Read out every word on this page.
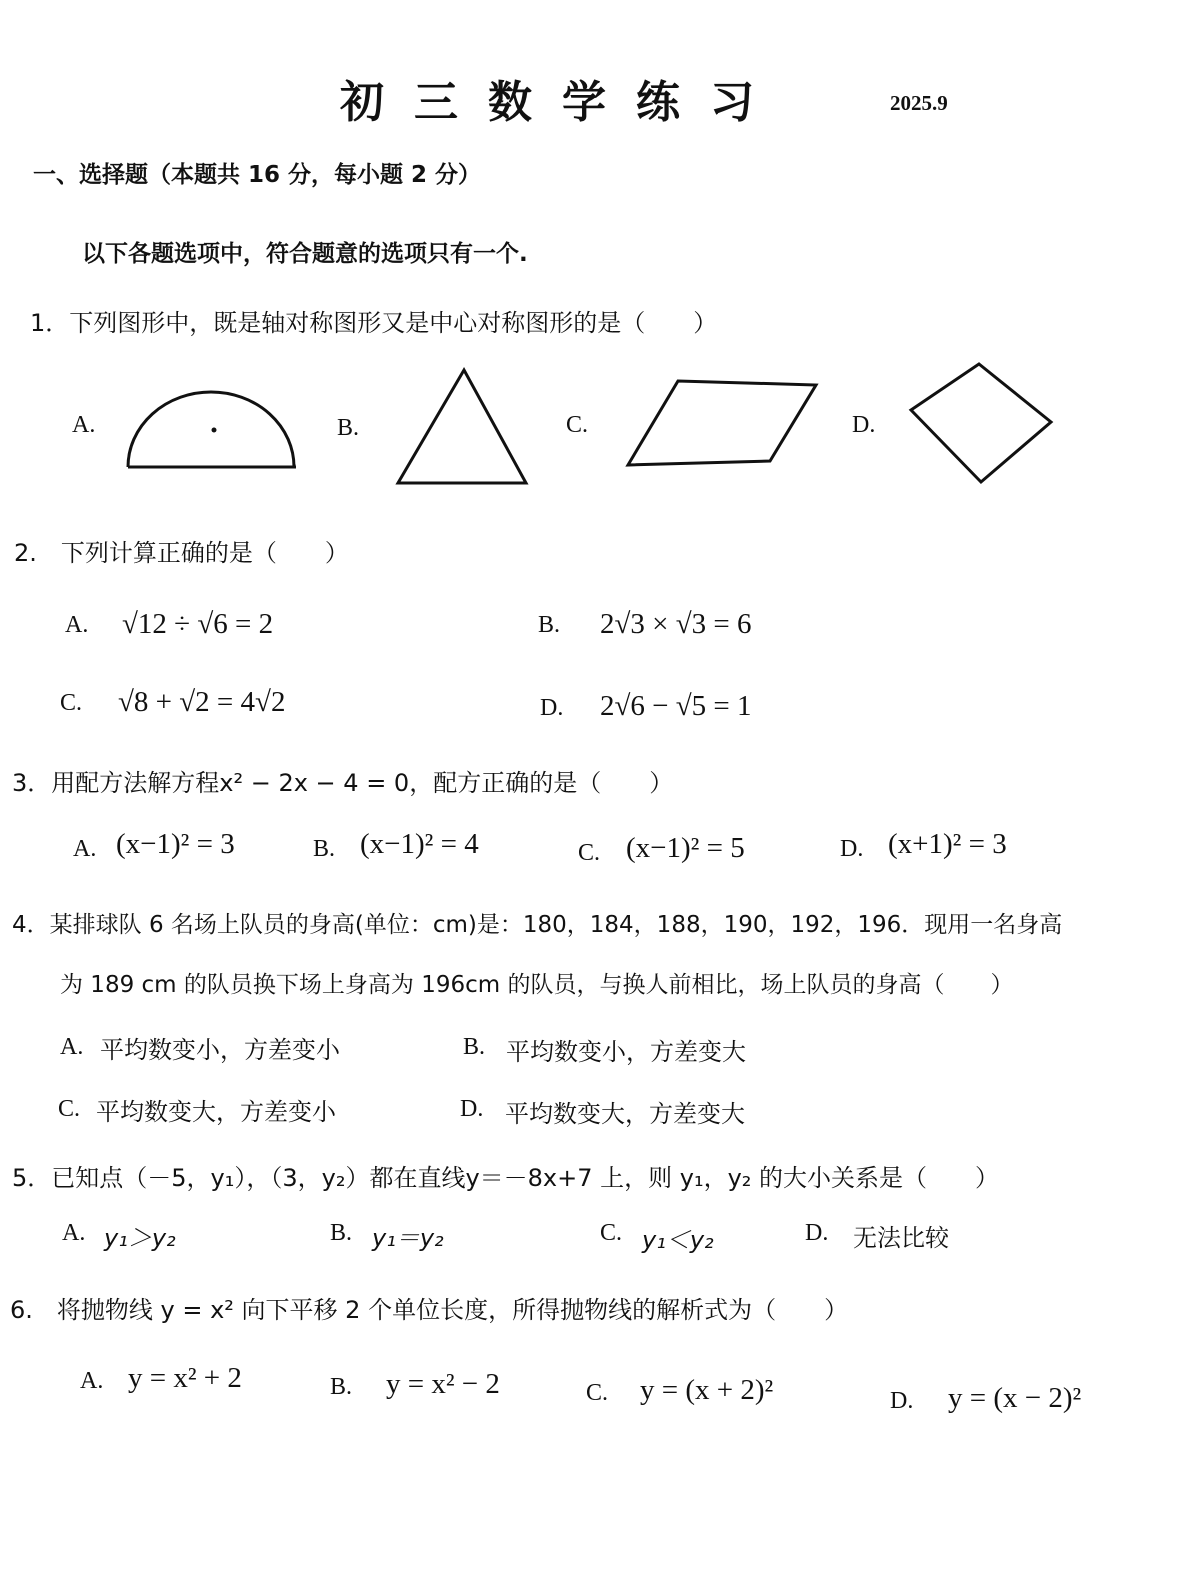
初三数学练习	2025.9
一、选择题（本题共 16 分，每小题 2 分）
以下各题选项中，符合题意的选项只有一个.
1．下列图形中，既是轴对称图形又是中心对称图形的是（　　）
A.	B.	C.	D.
2.　下列计算正确的是（　　）
A. √12 ÷ √6 = 2	B. 2√3 × √3 = 6
C. √8 + √2 = 4√2	D. 2√6 − √5 = 1
3．用配方法解方程x² − 2x − 4 = 0，配方正确的是（　　）
A. (x−1)² = 3	B. (x−1)² = 4	C. (x−1)² = 5	D. (x+1)² = 3
4．某排球队 6 名场上队员的身高(单位：cm)是：180，184，188，190，192，196．现用一名身高
为 189 cm 的队员换下场上身高为 196cm 的队员，与换人前相比，场上队员的身高（　　）
A. 平均数变小，方差变小	B. 平均数变小，方差变大
C. 平均数变大，方差变小	D. 平均数变大，方差变大
5．已知点（－5，y₁），（3，y₂）都在直线y＝－8x+7 上，则 y₁，y₂ 的大小关系是（　　）
A. y₁＞y₂	B. y₁＝y₂	C. y₁＜y₂	D. 无法比较
6.　将抛物线 y = x² 向下平移 2 个单位长度，所得抛物线的解析式为（　　）
A. y = x² + 2	B. y = x² − 2	C. y = (x + 2)²	D. y = (x − 2)²
